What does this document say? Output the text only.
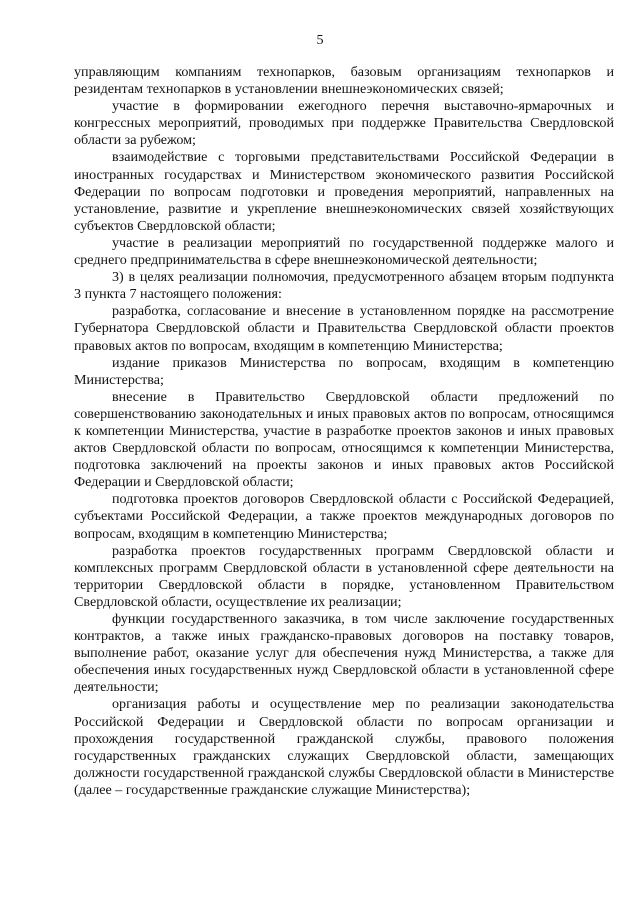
5

управляющим компаниям технопарков, базовым организациям технопарков и резидентам технопарков в установлении внешнеэкономических связей;

участие в формировании ежегодного перечня выставочно-ярмарочных и конгрессных мероприятий, проводимых при поддержке Правительства Свердловской области за рубежом;

взаимодействие с торговыми представительствами Российской Федерации в иностранных государствах и Министерством экономического развития Российской Федерации по вопросам подготовки и проведения мероприятий, направленных на установление, развитие и укрепление внешнеэкономических связей хозяйствующих субъектов Свердловской области;

участие в реализации мероприятий по государственной поддержке малого и среднего предпринимательства в сфере внешнеэкономической деятельности;

3) в целях реализации полномочия, предусмотренного абзацем вторым подпункта 3 пункта 7 настоящего положения:

разработка, согласование и внесение в установленном порядке на рассмотрение Губернатора Свердловской области и Правительства Свердловской области проектов правовых актов по вопросам, входящим в компетенцию Министерства;

издание приказов Министерства по вопросам, входящим в компетенцию Министерства;

внесение в Правительство Свердловской области предложений по совершенствованию законодательных и иных правовых актов по вопросам, относящимся к компетенции Министерства, участие в разработке проектов законов и иных правовых актов Свердловской области по вопросам, относящимся к компетенции Министерства, подготовка заключений на проекты законов и иных правовых актов Российской Федерации и Свердловской области;

подготовка проектов договоров Свердловской области с Российской Федерацией, субъектами Российской Федерации, а также проектов международных договоров по вопросам, входящим в компетенцию Министерства;

разработка проектов государственных программ Свердловской области и комплексных программ Свердловской области в установленной сфере деятельности на территории Свердловской области в порядке, установленном Правительством Свердловской области, осуществление их реализации;

функции государственного заказчика, в том числе заключение государственных контрактов, а также иных гражданско-правовых договоров на поставку товаров, выполнение работ, оказание услуг для обеспечения нужд Министерства, а также для обеспечения иных государственных нужд Свердловской области в установленной сфере деятельности;

организация работы и осуществление мер по реализации законодательства Российской Федерации и Свердловской области по вопросам организации и прохождения государственной гражданской службы, правового положения государственных гражданских служащих Свердловской области, замещающих должности государственной гражданской службы Свердловской области в Министерстве (далее – государственные гражданские служащие Министерства);
